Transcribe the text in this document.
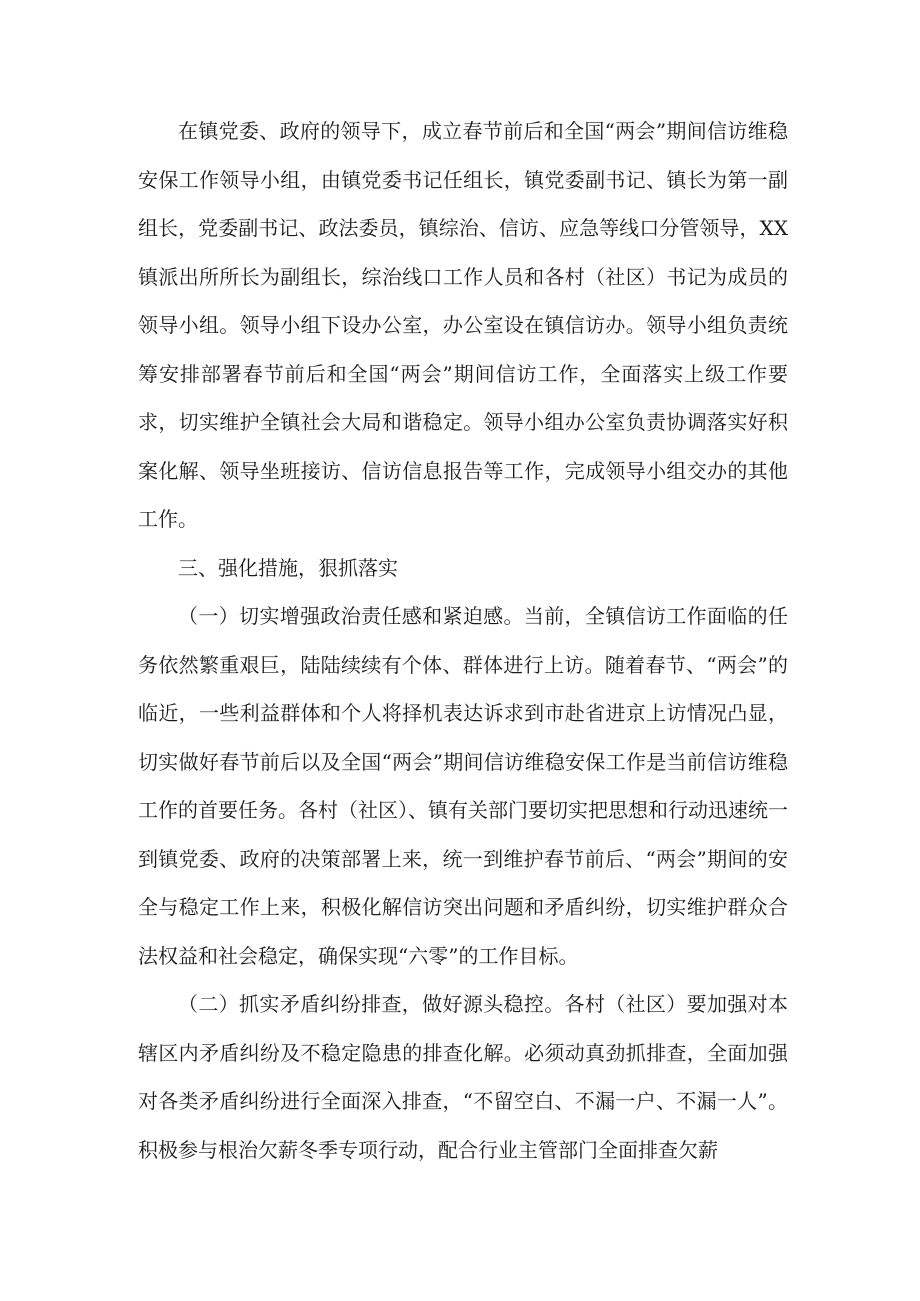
在镇党委、政府的领导下，成立春节前后和全国“两会”期间信访维稳安保工作领导小组，由镇党委书记任组长，镇党委副书记、镇长为第一副组长，党委副书记、政法委员，镇综治、信访、应急等线口分管领导，XX镇派出所所长为副组长，综治线口工作人员和各村（社区）书记为成员的领导小组。领导小组下设办公室，办公室设在镇信访办。领导小组负责统筹安排部署春节前后和全国“两会”期间信访工作，全面落实上级工作要求，切实维护全镇社会大局和谐稳定。领导小组办公室负责协调落实好积案化解、领导坐班接访、信访信息报告等工作，完成领导小组交办的其他工作。

三、强化措施，狠抓落实

（一）切实增强政治责任感和紧迫感。当前，全镇信访工作面临的任务依然繁重艰巨，陆陆续续有个体、群体进行上访。随着春节、“两会”的临近，一些利益群体和个人将择机表达诉求到市赴省进京上访情况凸显，切实做好春节前后以及全国“两会”期间信访维稳安保工作是当前信访维稳工作的首要任务。各村（社区）、镇有关部门要切实把思想和行动迅速统一到镇党委、政府的决策部署上来，统一到维护春节前后、“两会”期间的安全与稳定工作上来，积极化解信访突出问题和矛盾纠纷，切实维护群众合法权益和社会稳定，确保实现“六零”的工作目标。

（二）抓实矛盾纠纷排查，做好源头稳控。各村（社区）要加强对本辖区内矛盾纠纷及不稳定隐患的排查化解。必须动真劲抓排查，全面加强对各类矛盾纠纷进行全面深入排查，“不留空白、不漏一户、不漏一人”。积极参与根治欠薪冬季专项行动，配合行业主管部门全面排查欠薪
